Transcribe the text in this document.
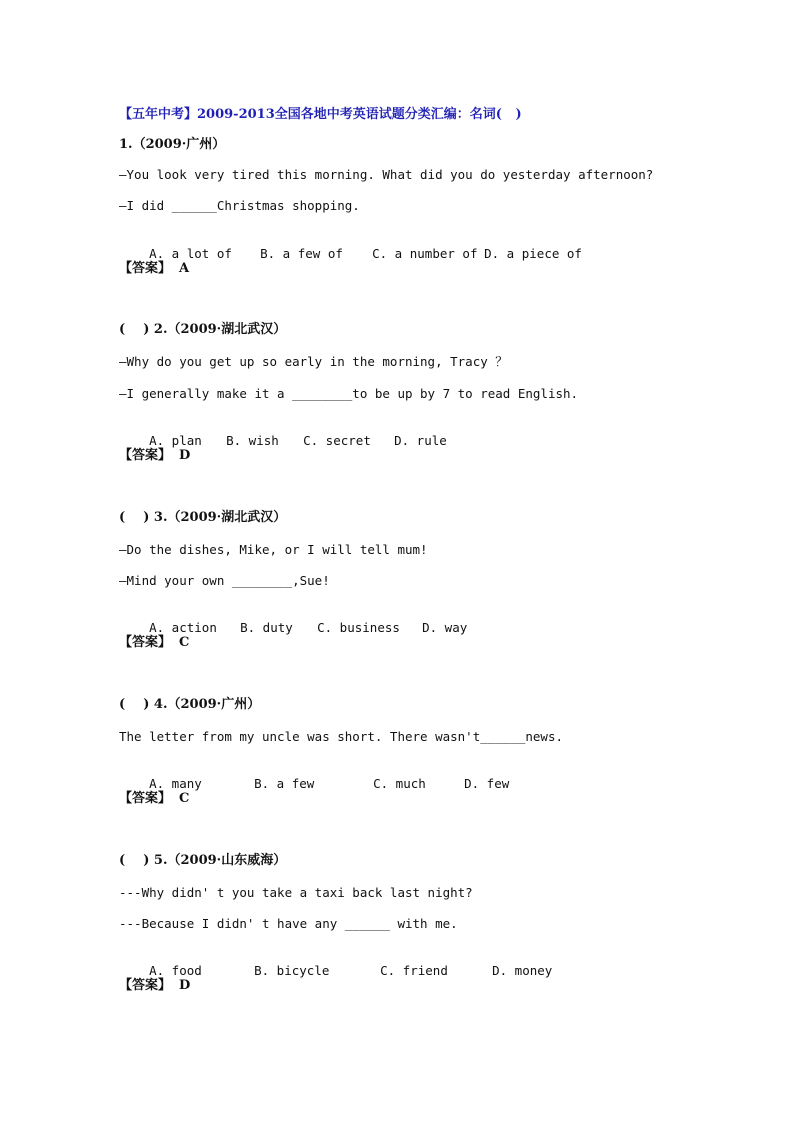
【五年中考】2009-2013全国各地中考英语试题分类汇编：名词(   )
1.（2009·广州）
—You look very tired this morning. What did you do yesterday afternoon?
—I did ______Christmas shopping.

A. a lot of B. a few of C. a number of D. a piece of

【答案】 A
(    ) 2.（2009·湖北武汉）
—Why do you get up so early in the morning, Tracy ？
—I generally make it a ________to be up by 7 to read English.

A. plan B. wish C. secret D. rule

【答案】 D
(    ) 3.（2009·湖北武汉）
—Do the dishes, Mike, or I will tell mum!
—Mind your own ________,Sue!

A. action B. duty C. business D. way

【答案】 C
(    ) 4.（2009·广州）
The letter from my uncle was short. There wasn't______news.

A. many	B. a few	C. much	D. few

【答案】 C
(    ) 5.（2009·山东威海）
---Why didn' t you take a taxi back last night?
---Because I didn' t have any ______ with me.

A. food	B. bicycle	C. friend	D. money

【答案】 D
